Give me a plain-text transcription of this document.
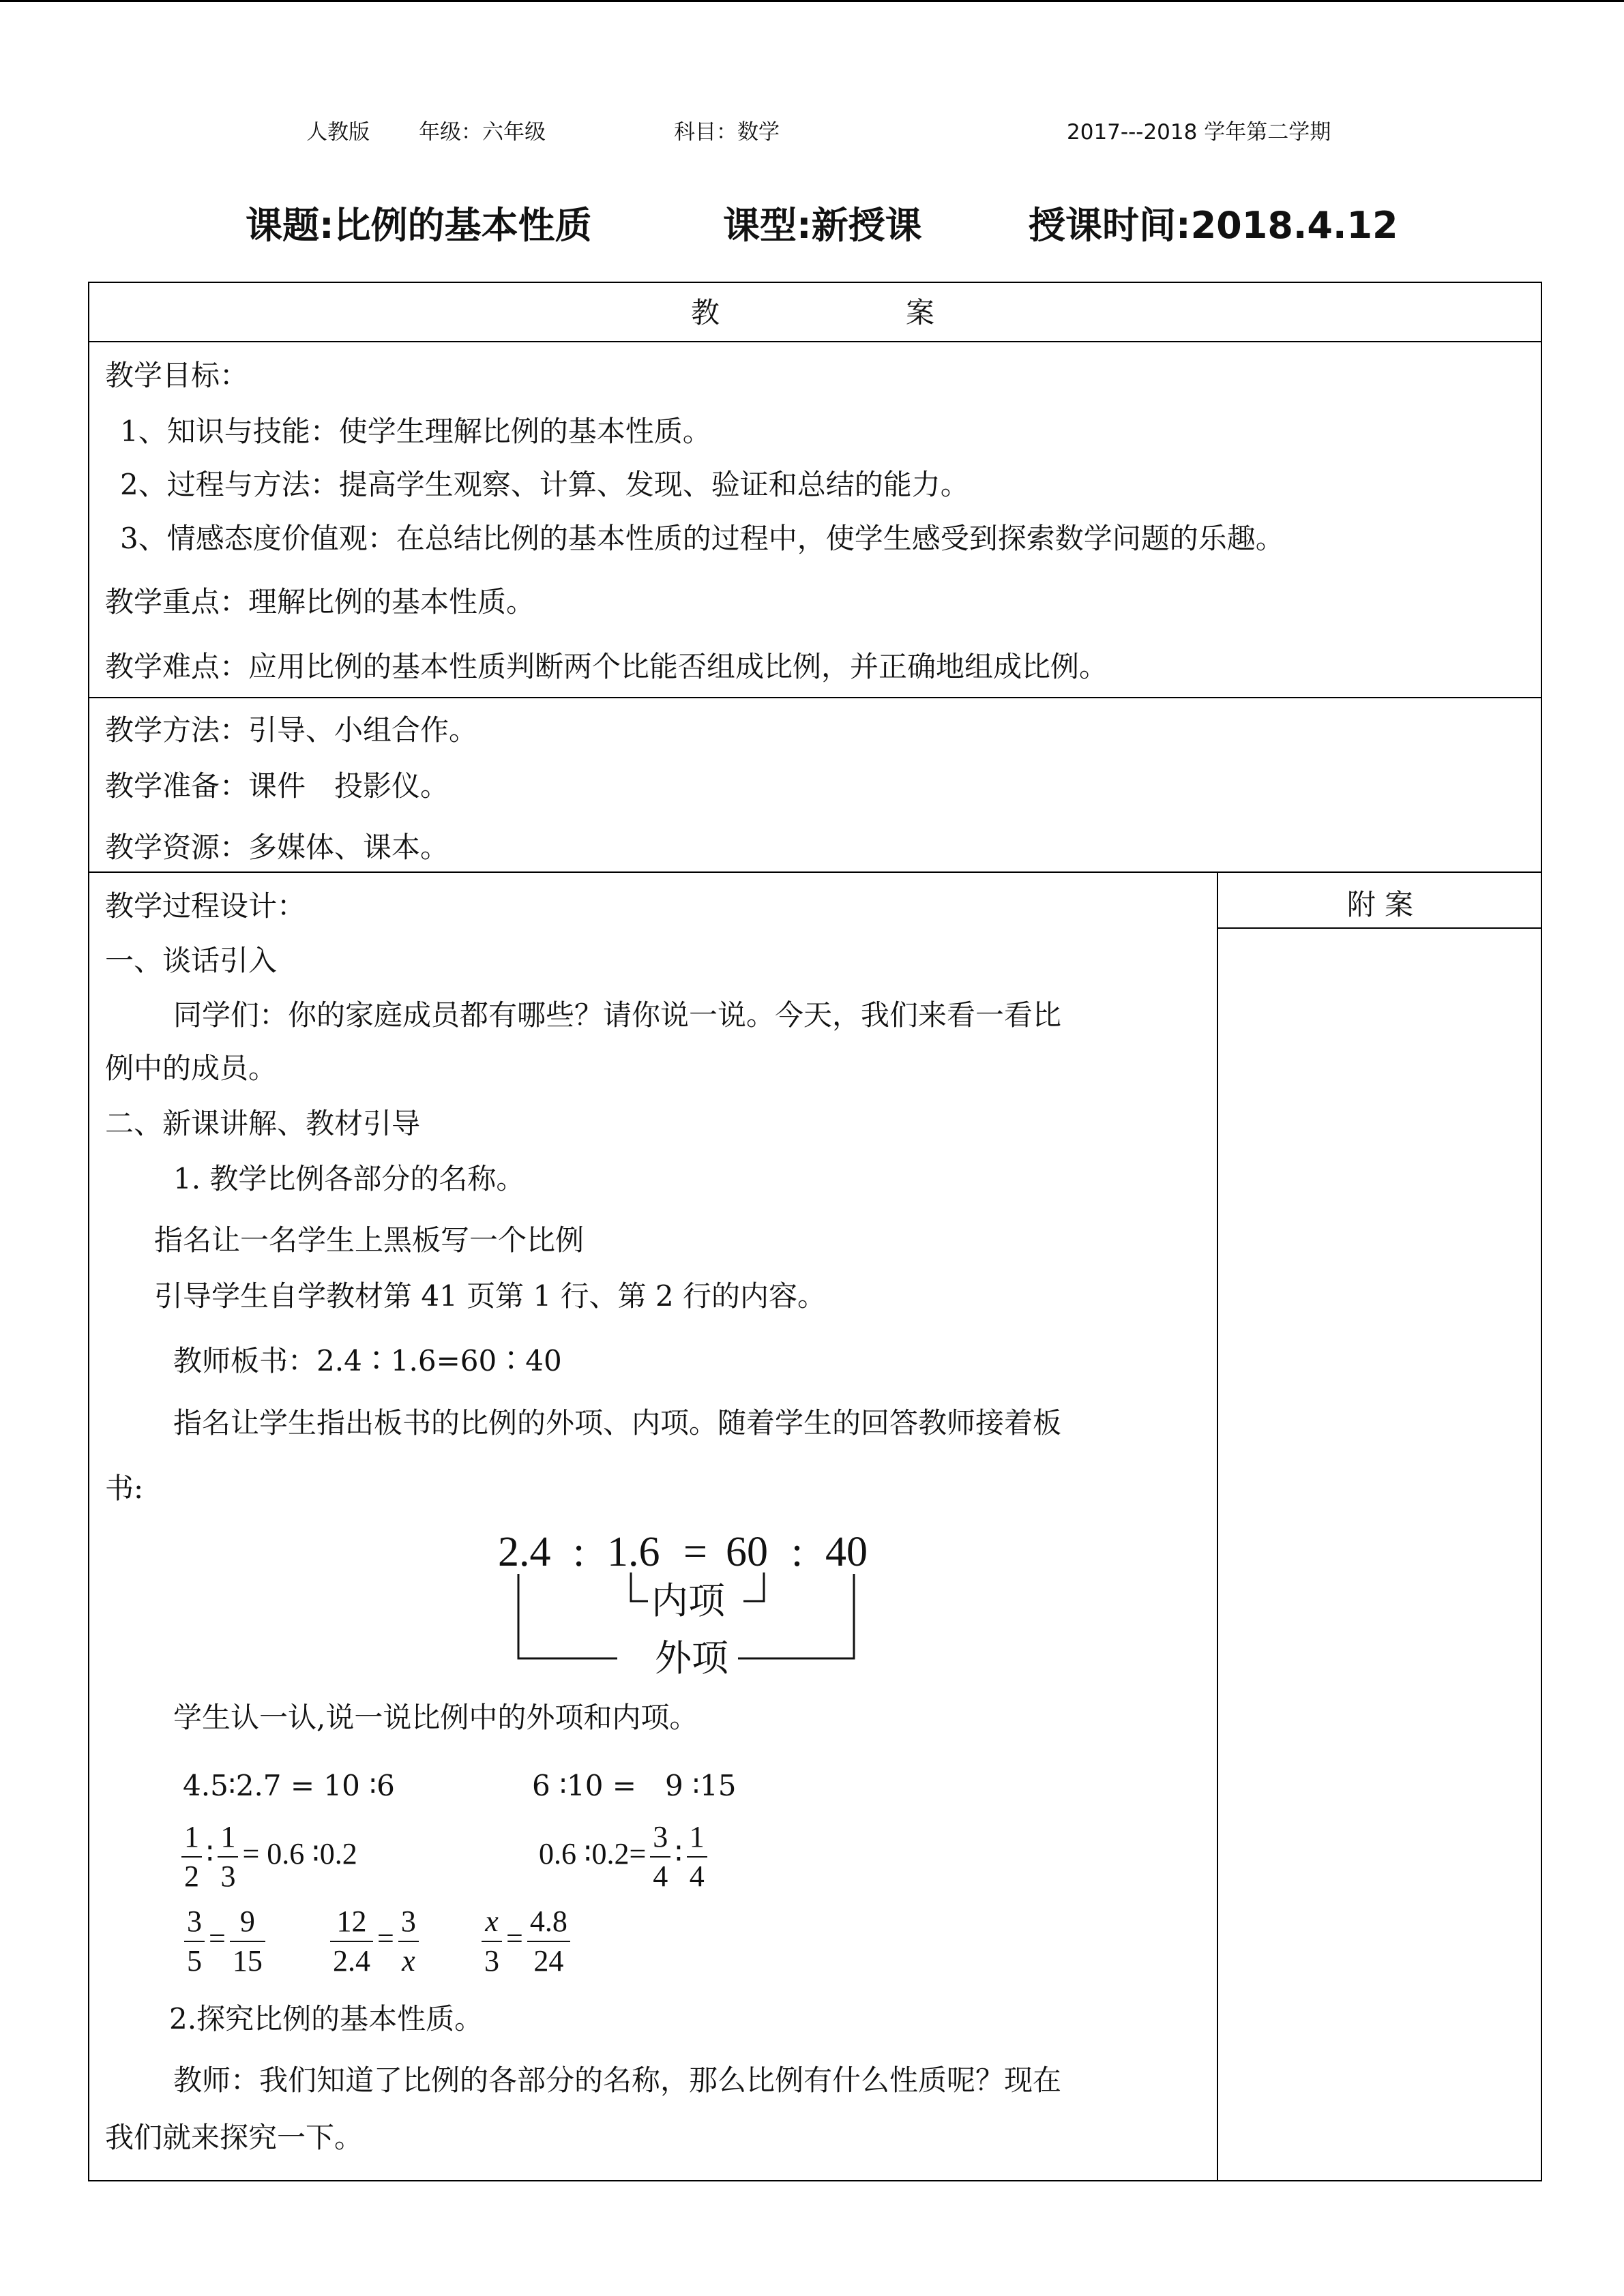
人教版 年级：六年级	科目：数学	2017---2018 学年第二学期
课题:比例的基本性质	课型:新授课	授课时间:2018.4.12
教	案
教学目标：
1、知识与技能：使学生理解比例的基本性质。
2、过程与方法：提高学生观察、计算、发现、验证和总结的能力。
3、情感态度价值观：在总结比例的基本性质的过程中，使学生感受到探索数学问题的乐趣。
教学重点：理解比例的基本性质。
教学难点：应用比例的基本性质判断两个比能否组成比例，并正确地组成比例。
教学方法：引导、小组合作。
教学准备：课件　投影仪。
教学资源：多媒体、课本。
附 案
教学过程设计：
一、谈话引入
同学们：你的家庭成员都有哪些？请你说一说。今天，我们来看一看比
例中的成员。
二、新课讲解、教材引导
1. 教学比例各部分的名称。
指名让一名学生上黑板写一个比例
引导学生自学教材第 41 页第 1 行、第 2 行的内容。
教师板书：2.4∶1.6=60∶40
指名让学生指出板书的比例的外项、内项。随着学生的回答教师接着板
书:
2.4 : 1.6 = 60 : 40
内项
外项
学生认一认,说一说比例中的外项和内项。
4.5∶2.7 = 10 ∶6	6 ∶10 =　9 ∶15
$\frac{1}{2}$ ∶ $\frac{1}{3} = 0.6$ ∶0.2	0.6 ∶0.2= $\frac{3}{4}$ ∶ $\frac{1}{4}$
$\frac{3}{5} = \frac{9}{15} \frac{12}{2.4} = \frac{3}{x} \frac{x}{3} = \frac{4.8}{24}$
2.探究比例的基本性质。
教师：我们知道了比例的各部分的名称，那么比例有什么性质呢？现在
我们就来探究一下。
